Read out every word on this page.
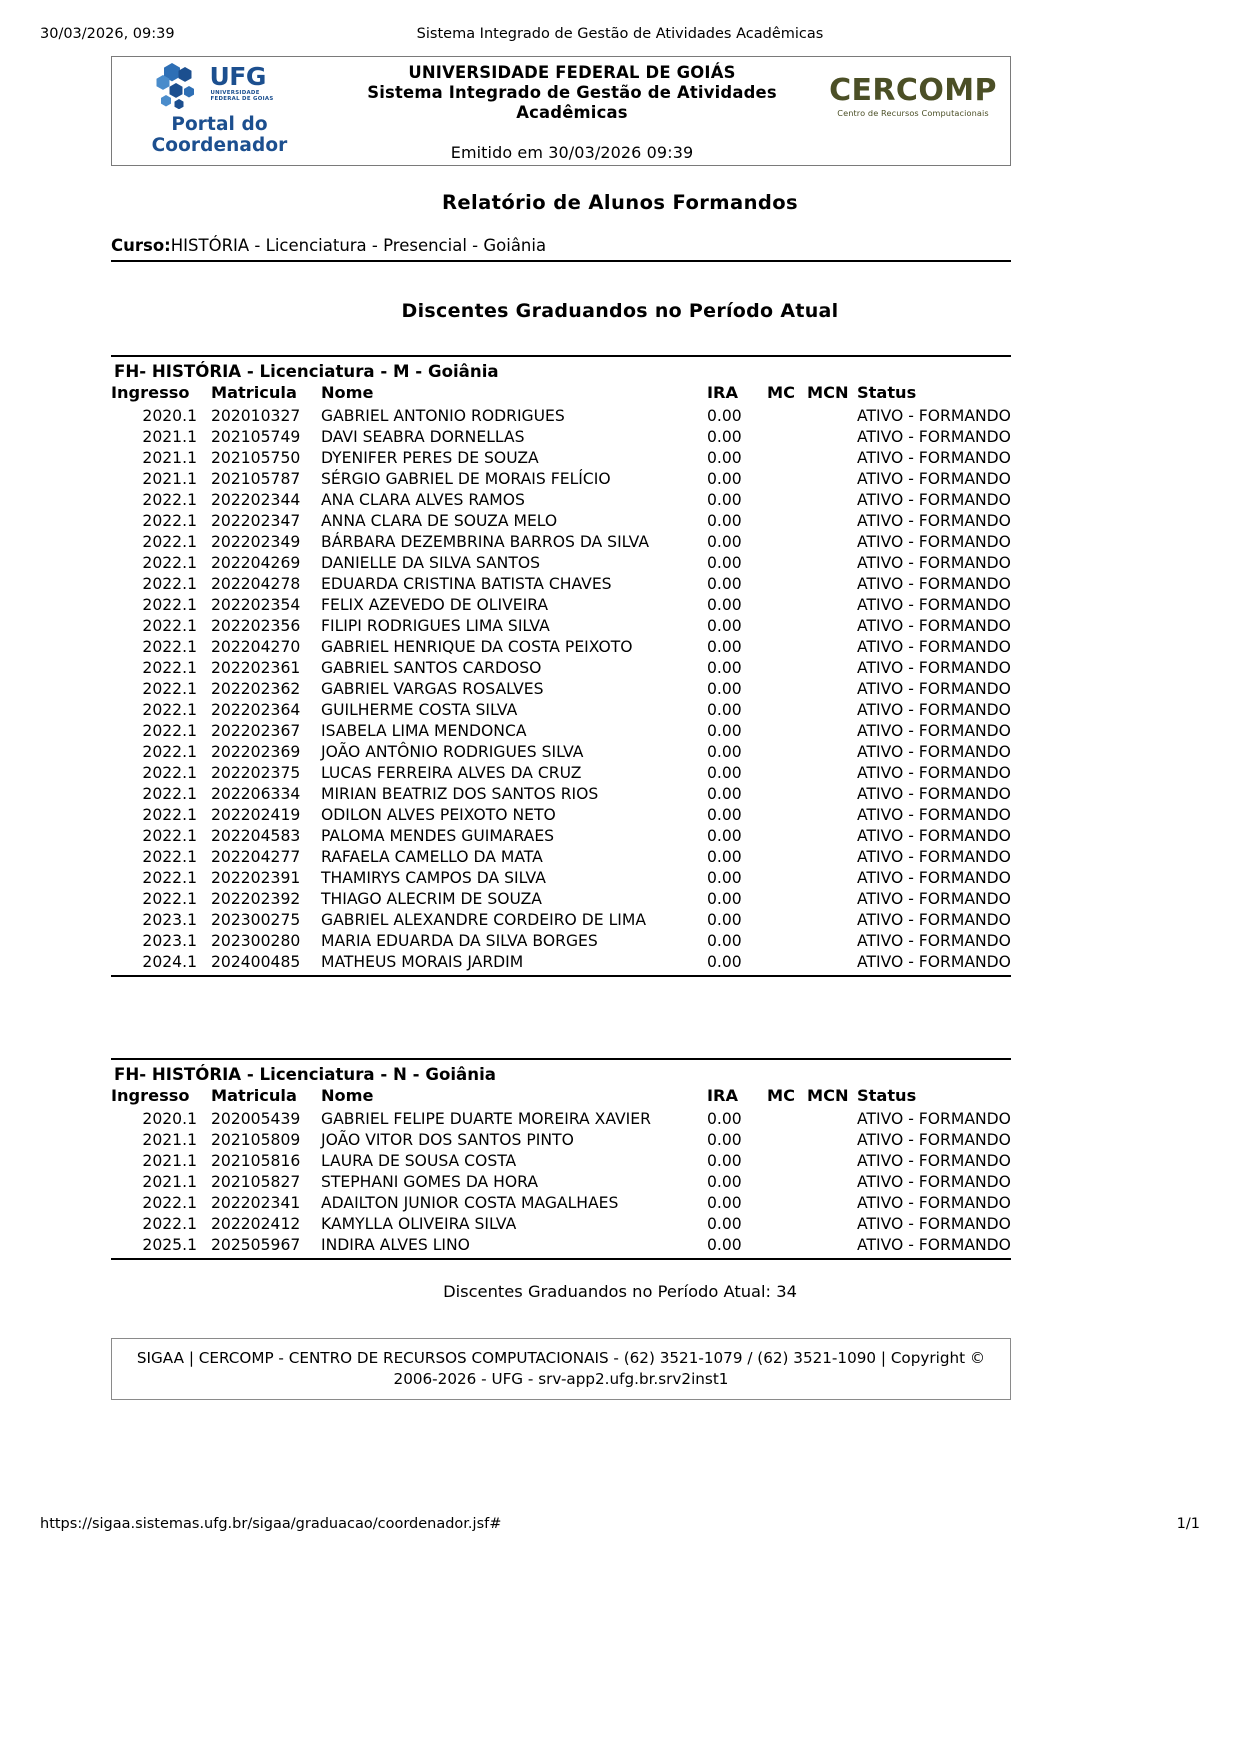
30/03/2026, 09:39	Sistema Integrado de Gestão de Atividades Acadêmicas
UFG
UNIVERSIDADE
FEDERAL DE GOIAS
Portal do
Coordenador
UNIVERSIDADE FEDERAL DE GOIÁS
Sistema Integrado de Gestão de Atividades
Acadêmicas
Emitido em 30/03/2026 09:39
CERCOMP
Centro de Recursos Computacionais
Relatório de Alunos Formandos
Curso:HISTÓRIA - Licenciatura - Presencial - Goiânia
Discentes Graduandos no Período Atual
FH- HISTÓRIA - Licenciatura - M - Goiânia
Ingresso	Matricula	Nome	IRA	MC	MCN	Status
2020.1	202010327	GABRIEL ANTONIO RODRIGUES	0.00			ATIVO - FORMANDO
2021.1	202105749	DAVI SEABRA DORNELLAS	0.00			ATIVO - FORMANDO
2021.1	202105750	DYENIFER PERES DE SOUZA	0.00			ATIVO - FORMANDO
2021.1	202105787	SÉRGIO GABRIEL DE MORAIS FELÍCIO	0.00			ATIVO - FORMANDO
2022.1	202202344	ANA CLARA ALVES RAMOS	0.00			ATIVO - FORMANDO
2022.1	202202347	ANNA CLARA DE SOUZA MELO	0.00			ATIVO - FORMANDO
2022.1	202202349	BÁRBARA DEZEMBRINA BARROS DA SILVA	0.00			ATIVO - FORMANDO
2022.1	202204269	DANIELLE DA SILVA SANTOS	0.00			ATIVO - FORMANDO
2022.1	202204278	EDUARDA CRISTINA BATISTA CHAVES	0.00			ATIVO - FORMANDO
2022.1	202202354	FELIX AZEVEDO DE OLIVEIRA	0.00			ATIVO - FORMANDO
2022.1	202202356	FILIPI RODRIGUES LIMA SILVA	0.00			ATIVO - FORMANDO
2022.1	202204270	GABRIEL HENRIQUE DA COSTA PEIXOTO	0.00			ATIVO - FORMANDO
2022.1	202202361	GABRIEL SANTOS CARDOSO	0.00			ATIVO - FORMANDO
2022.1	202202362	GABRIEL VARGAS ROSALVES	0.00			ATIVO - FORMANDO
2022.1	202202364	GUILHERME COSTA SILVA	0.00			ATIVO - FORMANDO
2022.1	202202367	ISABELA LIMA MENDONCA	0.00			ATIVO - FORMANDO
2022.1	202202369	JOÃO ANTÔNIO RODRIGUES SILVA	0.00			ATIVO - FORMANDO
2022.1	202202375	LUCAS FERREIRA ALVES DA CRUZ	0.00			ATIVO - FORMANDO
2022.1	202206334	MIRIAN BEATRIZ DOS SANTOS RIOS	0.00			ATIVO - FORMANDO
2022.1	202202419	ODILON ALVES PEIXOTO NETO	0.00			ATIVO - FORMANDO
2022.1	202204583	PALOMA MENDES GUIMARAES	0.00			ATIVO - FORMANDO
2022.1	202204277	RAFAELA CAMELLO DA MATA	0.00			ATIVO - FORMANDO
2022.1	202202391	THAMIRYS CAMPOS DA SILVA	0.00			ATIVO - FORMANDO
2022.1	202202392	THIAGO ALECRIM DE SOUZA	0.00			ATIVO - FORMANDO
2023.1	202300275	GABRIEL ALEXANDRE CORDEIRO DE LIMA	0.00			ATIVO - FORMANDO
2023.1	202300280	MARIA EDUARDA DA SILVA BORGES	0.00			ATIVO - FORMANDO
2024.1	202400485	MATHEUS MORAIS JARDIM	0.00			ATIVO - FORMANDO
FH- HISTÓRIA - Licenciatura - N - Goiânia
Ingresso	Matricula	Nome	IRA	MC	MCN	Status
2020.1	202005439	GABRIEL FELIPE DUARTE MOREIRA XAVIER	0.00			ATIVO - FORMANDO
2021.1	202105809	JOÃO VITOR DOS SANTOS PINTO	0.00			ATIVO - FORMANDO
2021.1	202105816	LAURA DE SOUSA COSTA	0.00			ATIVO - FORMANDO
2021.1	202105827	STEPHANI GOMES DA HORA	0.00			ATIVO - FORMANDO
2022.1	202202341	ADAILTON JUNIOR COSTA MAGALHAES	0.00			ATIVO - FORMANDO
2022.1	202202412	KAMYLLA OLIVEIRA SILVA	0.00			ATIVO - FORMANDO
2025.1	202505967	INDIRA ALVES LINO	0.00			ATIVO - FORMANDO
Discentes Graduandos no Período Atual: 34
SIGAA | CERCOMP - CENTRO DE RECURSOS COMPUTACIONAIS - (62) 3521-1079 / (62) 3521-1090 | Copyright © 2006-2026 - UFG - srv-app2.ufg.br.srv2inst1
https://sigaa.sistemas.ufg.br/sigaa/graduacao/coordenador.jsf#	1/1
